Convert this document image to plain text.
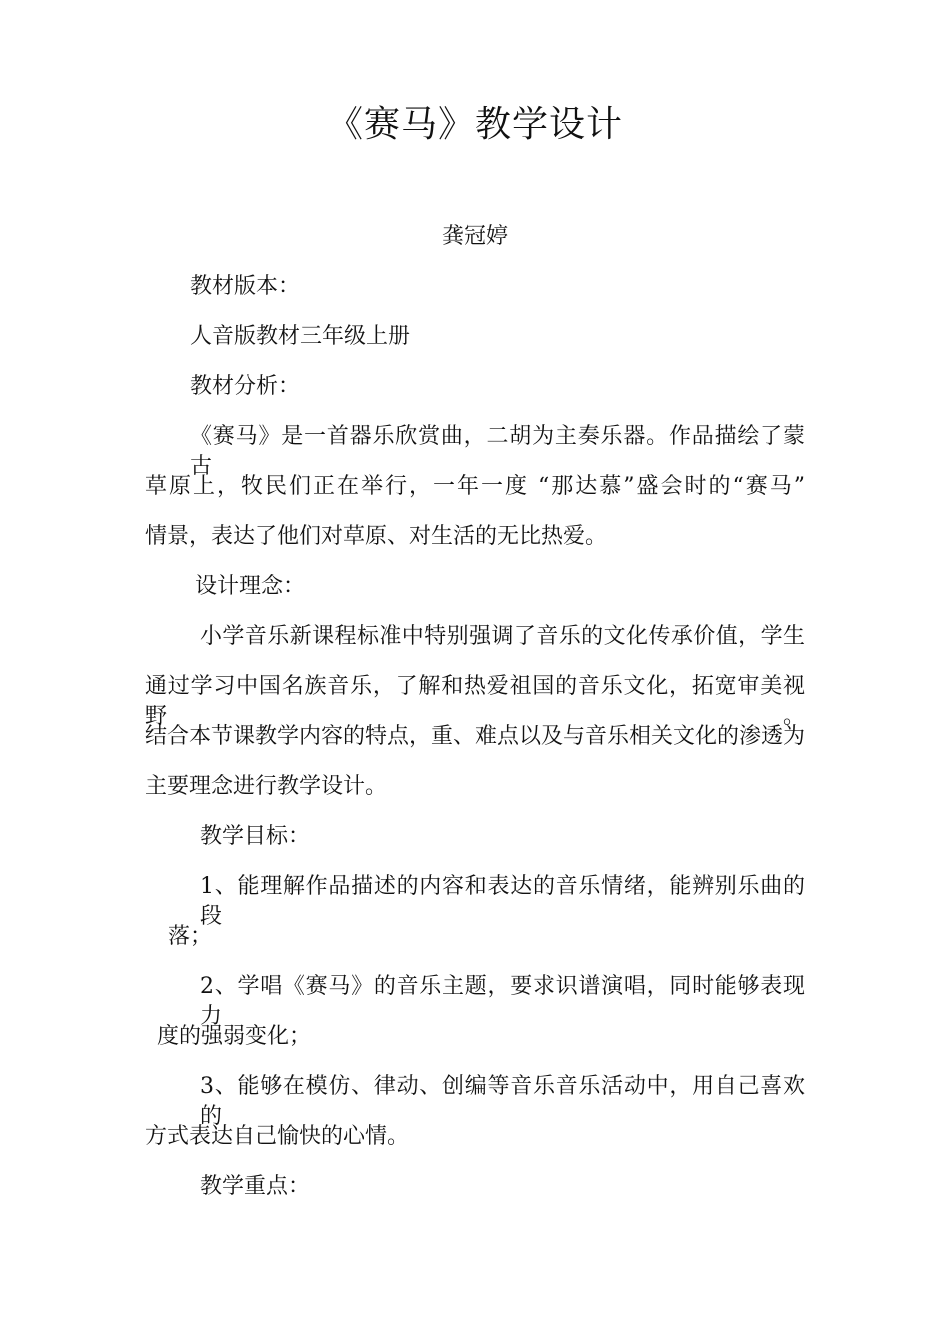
《赛马》教学设计
龚冠婷
教材版本：
人音版教材三年级上册
教材分析：
《赛马》是一首器乐欣赏曲，二胡为主奏乐器。作品描绘了蒙古
草原上，牧民们正在举行，一年一度 “那达慕”盛会时的“赛马”
情景，表达了他们对草原、对生活的无比热爱。
设计理念：
小学音乐新课程标准中特别强调了音乐的文化传承价值，学生
通过学习中国名族音乐，了解和热爱祖国的音乐文化，拓宽审美视野。
结合本节课教学内容的特点，重、难点以及与音乐相关文化的渗透为
主要理念进行教学设计。
教学目标：
1、能理解作品描述的内容和表达的音乐情绪，能辨别乐曲的段
落；
2、学唱《赛马》的音乐主题，要求识谱演唱，同时能够表现力
度的强弱变化；
3、能够在模仿、律动、创编等音乐音乐活动中，用自己喜欢的
方式表达自己愉快的心情。
教学重点：
